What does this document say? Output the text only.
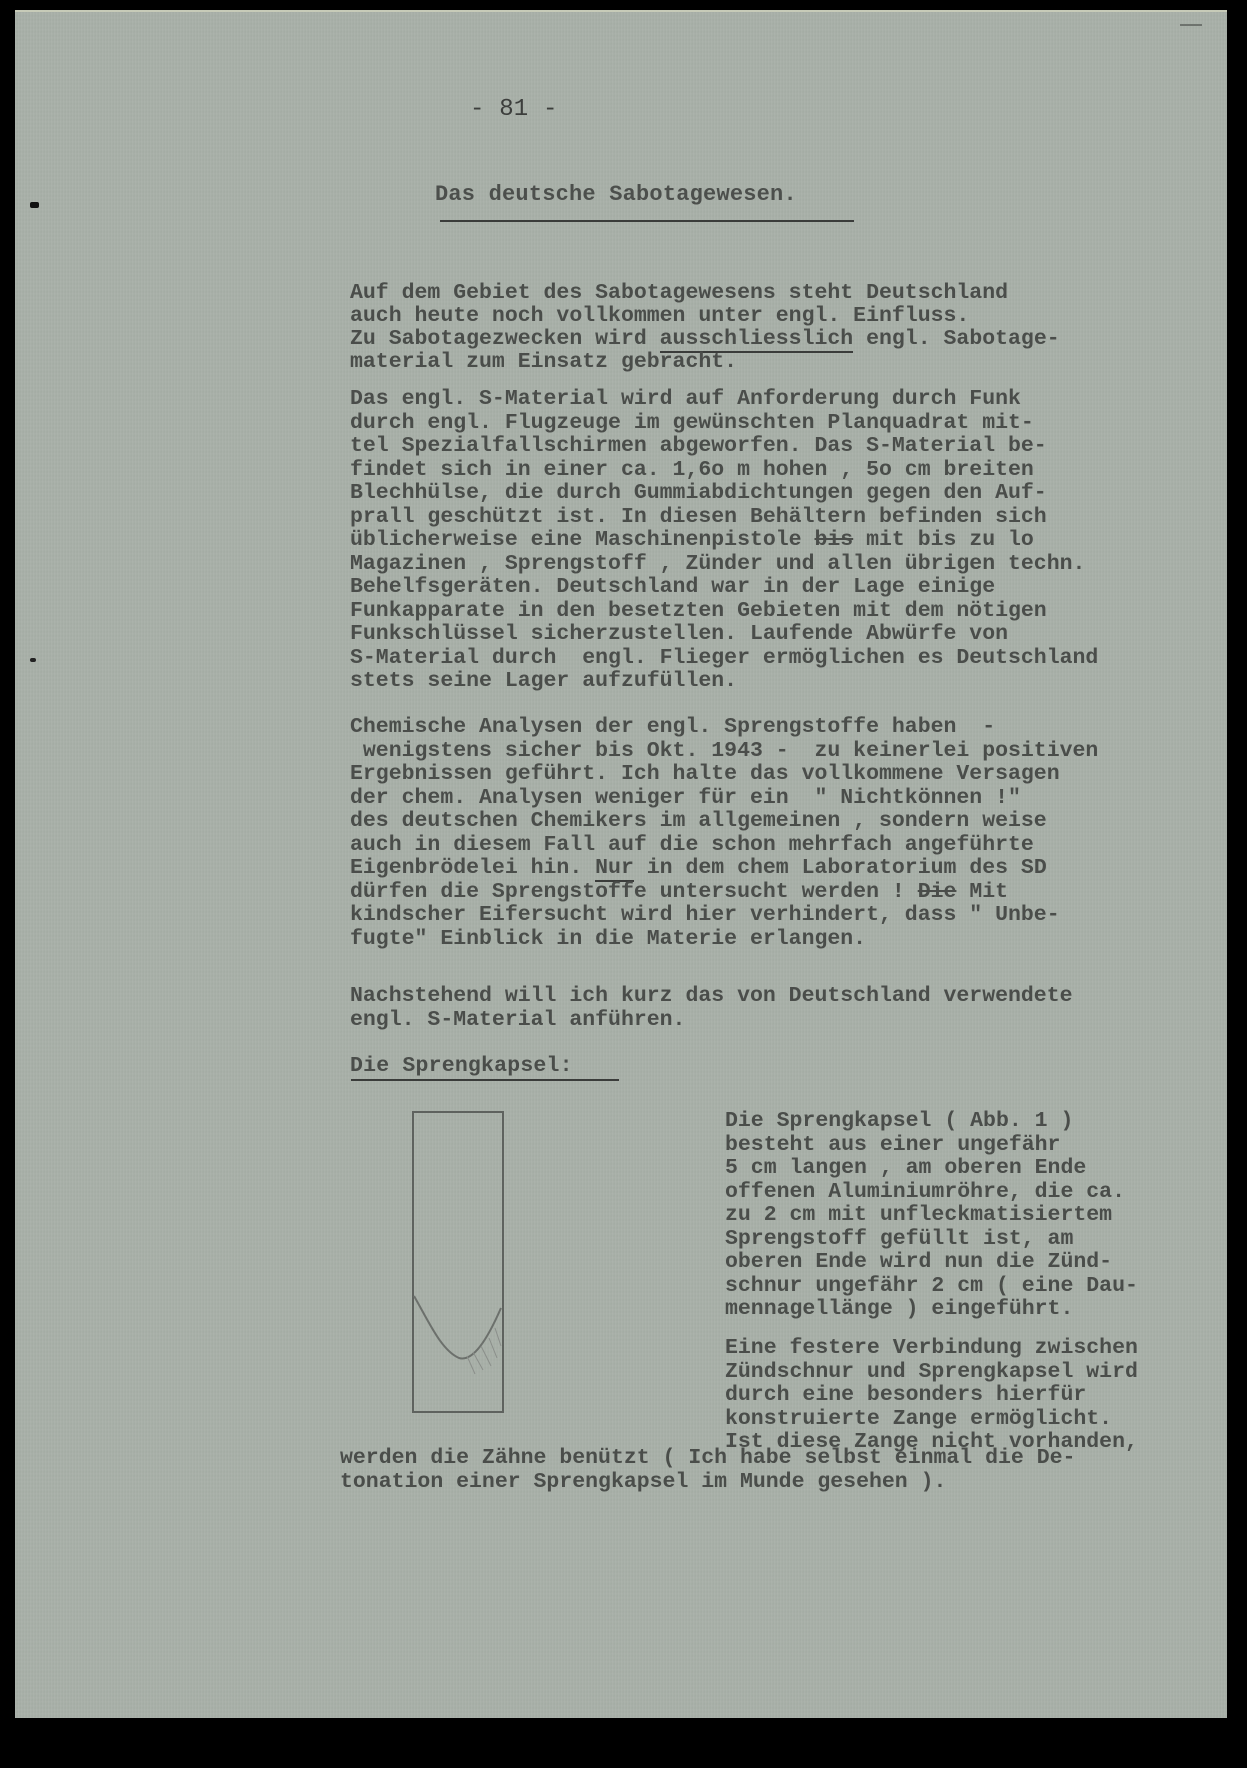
- 81 -
Das deutsche Sabotagewesen.
Auf dem Gebiet des Sabotagewesens steht Deutschland
auch heute noch vollkommen unter engl. Einfluss.
Zu Sabotagezwecken wird ausschliesslich engl. Sabotage-
material zum Einsatz gebracht.
Das engl. S-Material wird auf Anforderung durch Funk
durch engl. Flugzeuge im gewünschten Planquadrat mit-
tel Spezialfallschirmen abgeworfen. Das S-Material be-
findet sich in einer ca. 1,6o m hohen , 5o cm breiten
Blechhülse, die durch Gummiabdichtungen gegen den Auf-
prall geschützt ist. In diesen Behältern befinden sich
üblicherweise eine Maschinenpistole bis mit bis zu lo
Magazinen , Sprengstoff , Zünder und allen übrigen techn.
Behelfsgeräten. Deutschland war in der Lage einige
Funkapparate in den besetzten Gebieten mit dem nötigen
Funkschlüssel sicherzustellen. Laufende Abwürfe von
S-Material durch  engl. Flieger ermöglichen es Deutschland
stets seine Lager aufzufüllen.
Chemische Analysen der engl. Sprengstoffe haben  -
wenigstens sicher bis Okt. 1943 -  zu keinerlei positiven
Ergebnissen geführt. Ich halte das vollkommene Versagen
der chem. Analysen weniger für ein  " Nichtkönnen !"
des deutschen Chemikers im allgemeinen , sondern weise
auch in diesem Fall auf die schon mehrfach angeführte
Eigenbrödelei hin. Nur in dem chem Laboratorium des SD
dürfen die Sprengstoffe untersucht werden ! Die Mit
kindscher Eifersucht wird hier verhindert, dass " Unbe-
fugte" Einblick in die Materie erlangen.
Nachstehend will ich kurz das von Deutschland verwendete
engl. S-Material anführen.
Die Sprengkapsel:
Die Sprengkapsel ( Abb. 1 )
besteht aus einer ungefähr
5 cm langen , am oberen Ende
offenen Aluminiumröhre, die ca.
zu 2 cm mit unfleckmatisiertem
Sprengstoff gefüllt ist, am
oberen Ende wird nun die Zünd-
schnur ungefähr 2 cm ( eine Dau-
mennagellänge ) eingeführt.
Eine festere Verbindung zwischen
Zündschnur und Sprengkapsel wird
durch eine besonders hierfür
konstruierte Zange ermöglicht.
Ist diese Zange nicht vorhanden,
werden die Zähne benützt ( Ich habe selbst einmal die De-
tonation einer Sprengkapsel im Munde gesehen ).
